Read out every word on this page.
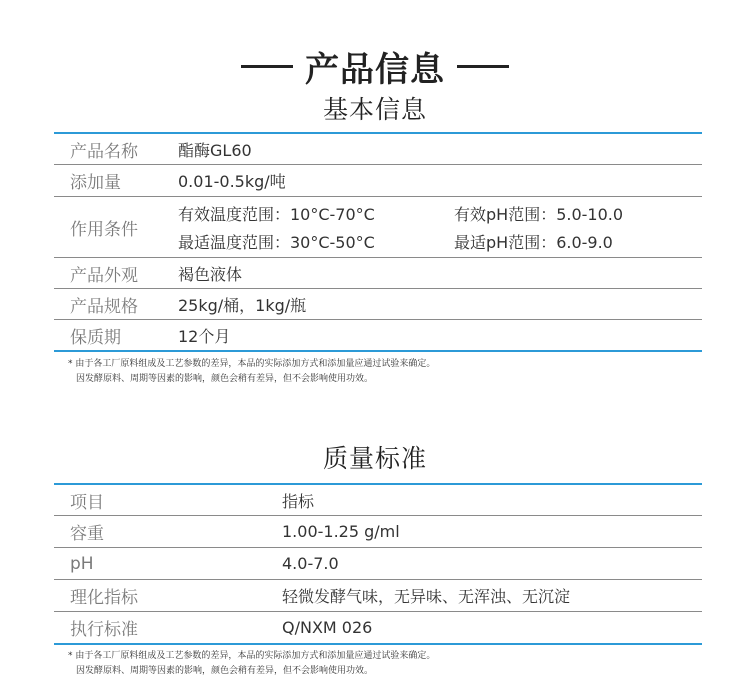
产品信息
基本信息
产品名称	酯酶GL60
添加量	0.01-0.5kg/吨
作用条件
有效温度范围：10°C-70°C	有效pH范围：5.0-10.0
最适温度范围：30°C-50°C	最适pH范围：6.0-9.0
产品外观	褐色液体
产品规格	25kg/桶，1kg/瓶
保质期	12个月
* 由于各工厂原料组成及工艺参数的差异，本品的实际添加方式和添加量应通过试验来确定。
因发酵原料、周期等因素的影响，颜色会稍有差异，但不会影响使用功效。
质量标准
项目	指标
容重	1.00-1.25 g/ml
pH	4.0-7.0
理化指标	轻微发酵气味，无异味、无浑浊、无沉淀
执行标准	Q/NXM 026
* 由于各工厂原料组成及工艺参数的差异，本品的实际添加方式和添加量应通过试验来确定。
因发酵原料、周期等因素的影响，颜色会稍有差异，但不会影响使用功效。
